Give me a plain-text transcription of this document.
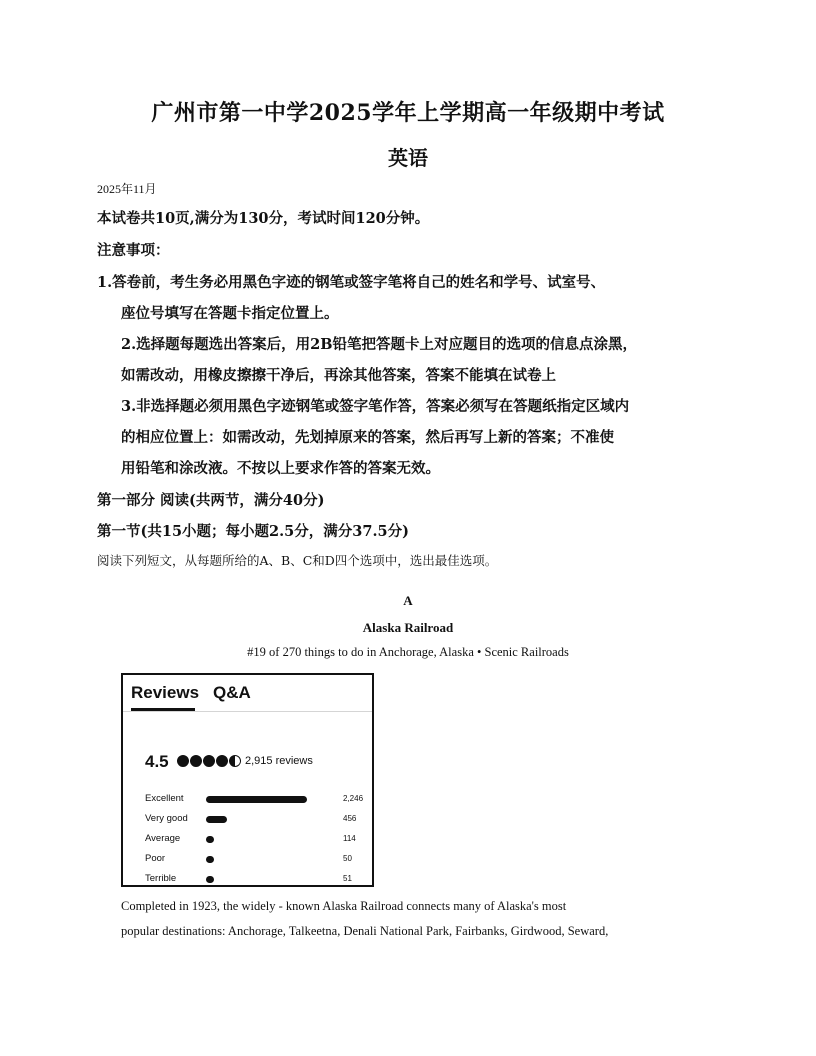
广州市第一中学2025学年上学期高一年级期中考试
英语
2025年11月
本试卷共10页,满分为130分，考试时间120分钟。
注意事项：
1.答卷前，考生务必用黑色字迹的钢笔或签字笔将自己的姓名和学号、试室号、
座位号填写在答题卡指定位置上。
2.选择题每题选出答案后，用2B铅笔把答题卡上对应题目的选项的信息点涂黑，
如需改动，用橡皮擦擦干净后，再涂其他答案，答案不能填在试卷上
3.非选择题必须用黑色字迹钢笔或签字笔作答，答案必须写在答题纸指定区域内
的相应位置上：如需改动，先划掉原来的答案，然后再写上新的答案；不准使
用铅笔和涂改液。不按以上要求作答的答案无效。
第一部分 阅读(共两节，满分40分)
第一节(共15小题；每小题2.5分，满分37.5分)
阅读下列短文，从每题所给的A、B、C和D四个选项中，选出最佳选项。
A
Alaska Railroad
#19 of 270 things to do in Anchorage, Alaska • Scenic Railroads
Reviews Q&A
4.5	2,915 reviews
Excellent	2,246
Very good	456
Average	114
Poor	50
Terrible	51
Completed in 1923, the widely - known Alaska Railroad connects many of Alaska's most
popular destinations: Anchorage, Talkeetna, Denali National Park, Fairbanks, Girdwood, Seward,
